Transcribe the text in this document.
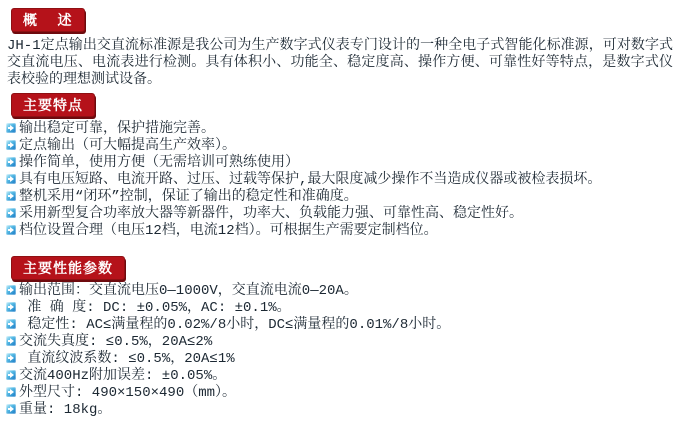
概    述
JH-1定点输出交直流标准源是我公司为生产数字式仪表专门设计的一种全电子式智能化标准源，可对数字式交直流电压、电流表进行检测。具有体积小、功能全、稳定度高、操作方便、可靠性好等特点，是数字式仪表校验的理想测试设备。
主要特点
输出稳定可靠，保护措施完善。
定点输出（可大幅提高生产效率）。
操作简单，使用方便（无需培训可熟练使用）
具有电压短路、电流开路、过压、过载等保护,最大限度减少操作不当造成仪器或被检表损坏。
整机采用“闭环”控制，保证了输出的稳定性和准确度。
采用新型复合功率放大器等新器件，功率大、负载能力强、可靠性高、稳定性好。
档位设置合理（电压12档，电流12档）。可根据生产需要定制档位。
主要性能参数
输出范围：交直流电压0—1000V，交直流电流0—20A。
准 确 度: DC: ±0.05%，AC: ±0.1%。
稳定性: AC≤满量程的0.02%/8小时，DC≤满量程的0.01%/8小时。
交流失真度: ≤0.5%，20A≤2%
直流纹波系数: ≤0.5%，20A≤1%
交流400Hz附加误差: ±0.05%。
外型尺寸: 490×150×490（mm）。
重量: 18kg。
